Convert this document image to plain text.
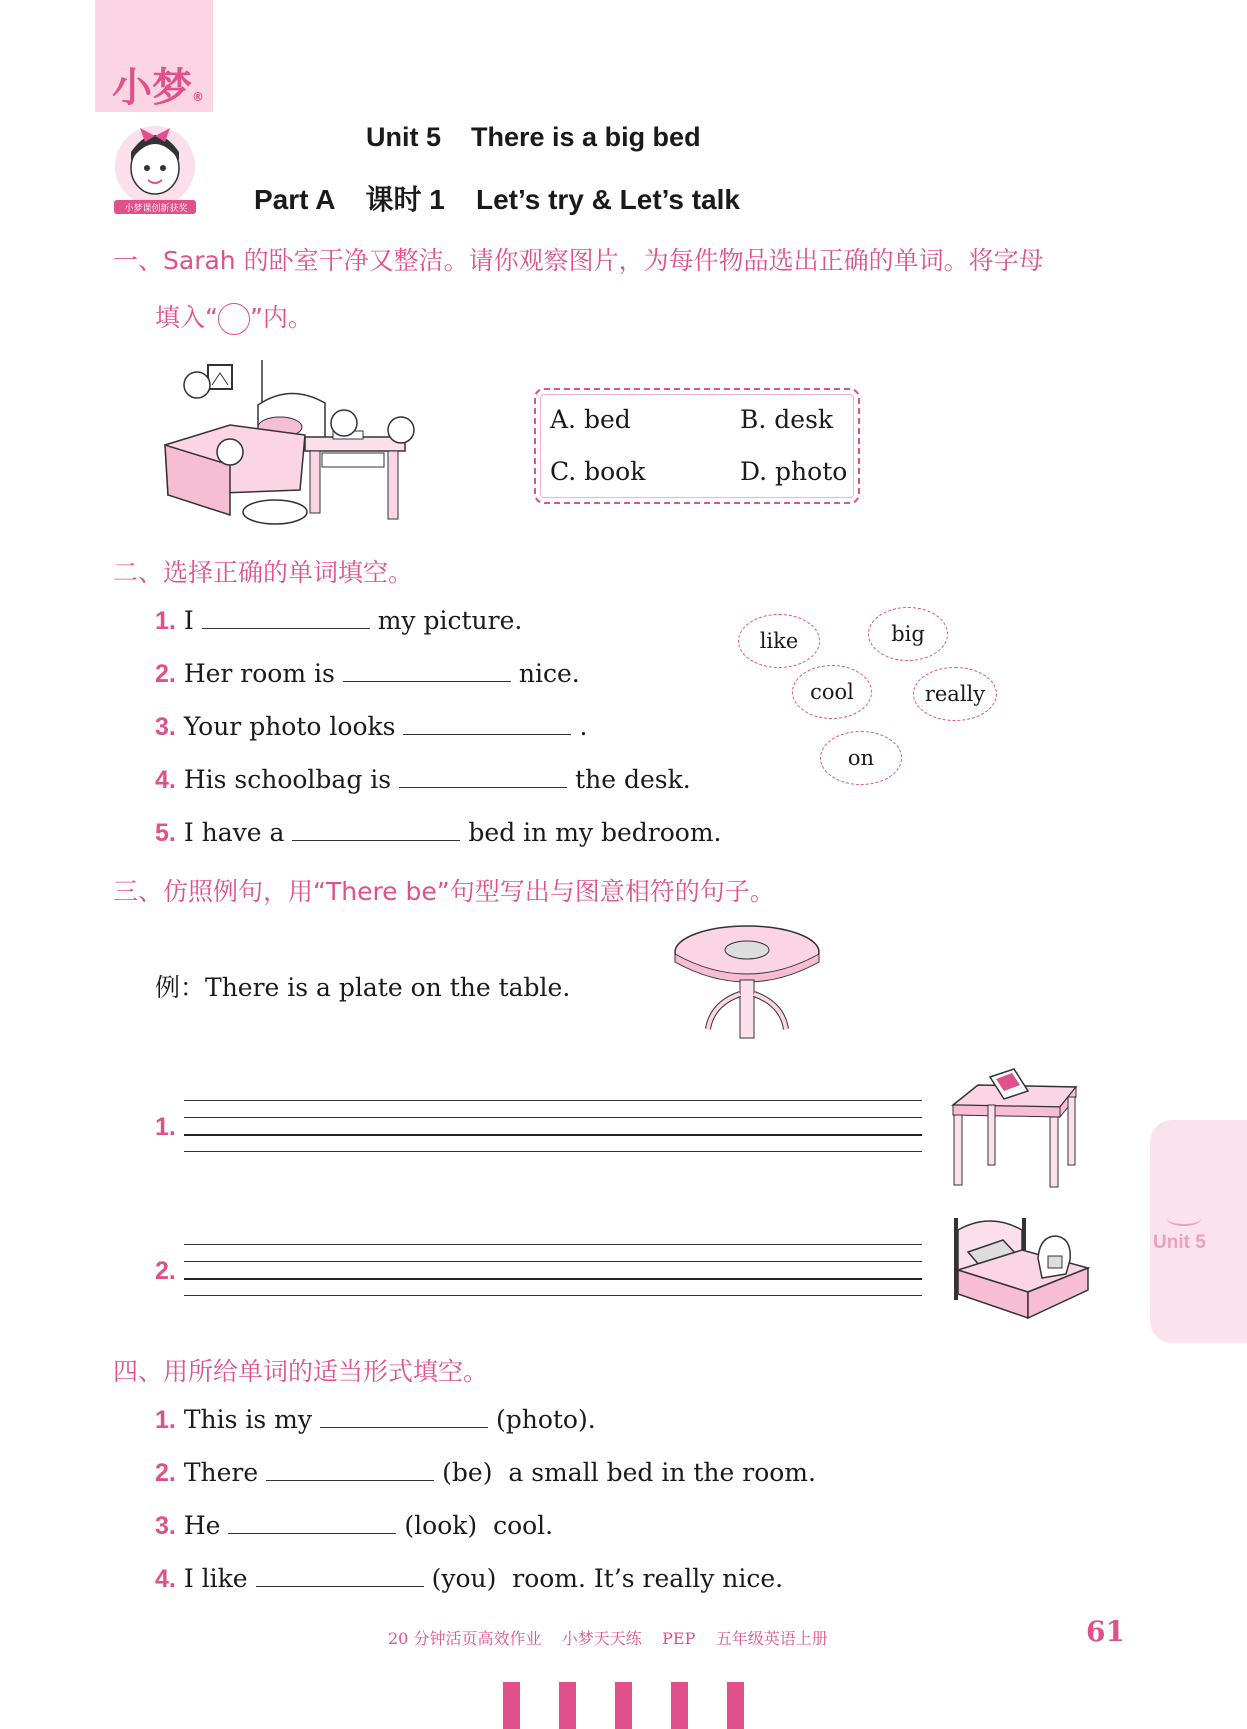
小梦®
小梦课创新获奖
Unit 5    There is a big bed
Part A    课时 1    Let’s try & Let’s talk
一、Sarah 的卧室干净又整洁。请你观察图片，为每件物品选出正确的单词。将字母
填入“ ”内。
A. bed	B. desk
C. book	D. photo
二、选择正确的单词填空。
1. I	my picture.
2. Her room is	nice.
3. Your photo looks	.
4. His schoolbag is	the desk.
5. I have a	bed in my bedroom.
like	big
cool	really
on
三、仿照例句，用“There be”句型写出与图意相符的句子。
例：There is a plate on the table.
1.
2.
Unit 5
四、用所给单词的适当形式填空。
1. This is my	(photo).
2. There	(be)  a small bed in the room.
3. He	(look)  cool.
4. I like	(you)  room. It’s really nice.
20 分钟活页高效作业    小梦天天练    PEP    五年级英语上册	61
